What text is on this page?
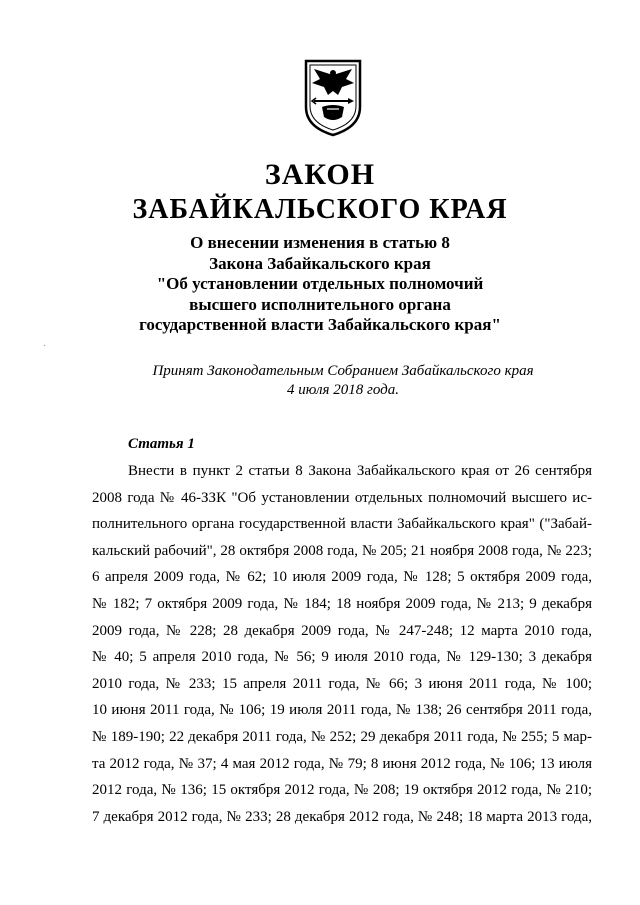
ЗАКОН
ЗАБАЙКАЛЬСКОГО КРАЯ
О внесении изменения в статью 8
Закона Забайкальского края
"Об установлении отдельных полномочий
высшего исполнительного органа
государственной власти Забайкальского края"
·
Принят Законодательным Собранием Забайкальского края
4 июля 2018 года.
Статья 1
Внести в пункт 2 статьи 8 Закона Забайкальского края от 26 сентября
2008 года № 46-ЗЗК "Об установлении отдельных полномочий высшего ис-
полнительного органа государственной власти Забайкальского края" ("Забай-
кальский рабочий", 28 октября 2008 года, № 205; 21 ноября 2008 года, № 223;
6 апреля 2009 года, № 62; 10 июля 2009 года, № 128; 5 октября 2009 года,
№ 182; 7 октября 2009 года, № 184; 18 ноября 2009 года, № 213; 9 декабря
2009 года, № 228; 28 декабря 2009 года, № 247-248; 12 марта 2010 года,
№ 40; 5 апреля 2010 года, № 56; 9 июля 2010 года, № 129-130; 3 декабря
2010 года, № 233; 15 апреля 2011 года, № 66; 3 июня 2011 года, № 100;
10 июня 2011 года, № 106; 19 июля 2011 года, № 138; 26 сентября 2011 года,
№ 189-190; 22 декабря 2011 года, № 252; 29 декабря 2011 года, № 255; 5 мар-
та 2012 года, № 37; 4 мая 2012 года, № 79; 8 июня 2012 года, № 106; 13 июля
2012 года, № 136; 15 октября 2012 года, № 208; 19 октября 2012 года, № 210;
7 декабря 2012 года, № 233; 28 декабря 2012 года, № 248; 18 марта 2013 года,
